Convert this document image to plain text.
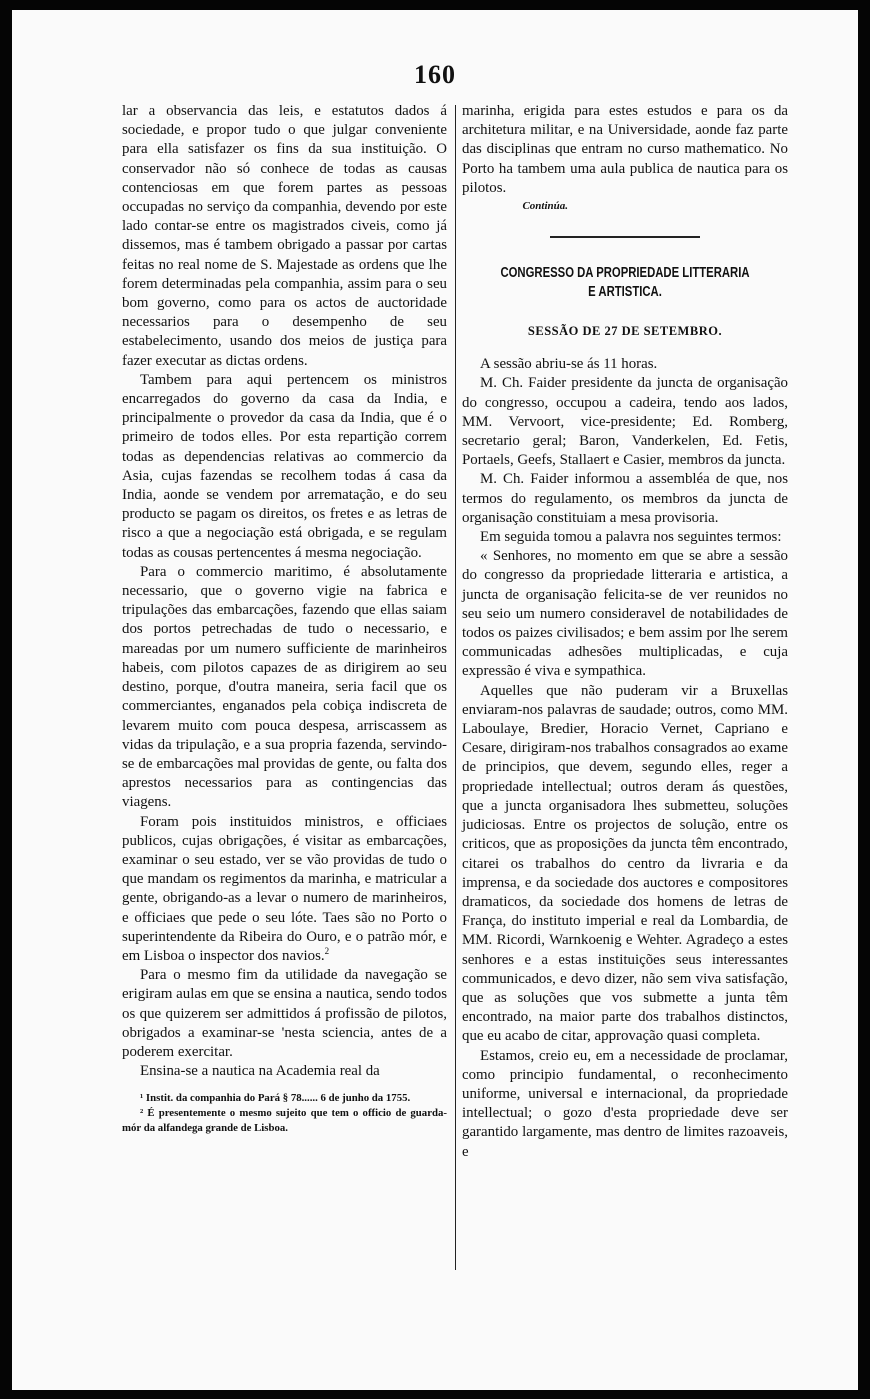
160

lar a observancia das leis, e estatutos dados á sociedade, e propor tudo o que julgar conveniente para ella satisfazer os fins da sua instituição. O conservador não só conhece de todas as causas contenciosas em que forem partes as pessoas occupadas no serviço da companhia, devendo por este lado contar-se entre os magistrados civeis, como já dissemos, mas é tambem obrigado a passar por cartas feitas no real nome de S. Majestade as ordens que lhe forem determinadas pela companhia, assim para o seu bom governo, como para os actos de auctoridade necessarios para o desempenho de seu estabelecimento, usando dos meios de justiça para fazer executar as dictas ordens.

Tambem para aqui pertencem os ministros encarregados do governo da casa da India, e principalmente o provedor da casa da India, que é o primeiro de todos elles. Por esta repartição correm todas as dependencias relativas ao commercio da Asia, cujas fazendas se recolhem todas á casa da India, aonde se vendem por arrematação, e do seu producto se pagam os direitos, os fretes e as letras de risco a que a negociação está obrigada, e se regulam todas as cousas pertencentes á mesma negociação.

Para o commercio maritimo, é absolutamente necessario, que o governo vigie na fabrica e tripulações das embarcações, fazendo que ellas saiam dos portos petrechadas de tudo o necessario, e mareadas por um numero sufficiente de marinheiros habeis, com pilotos capazes de as dirigirem ao seu destino, porque, d'outra maneira, seria facil que os commerciantes, enganados pela cobiça indiscreta de levarem muito com pouca despesa, arriscassem as vidas da tripulação, e a sua propria fazenda, servindo-se de embarcações mal providas de gente, ou falta dos aprestos necessarios para as contingencias das viagens.

Foram pois instituidos ministros, e officiaes publicos, cujas obrigações, é visitar as embarcações, examinar o seu estado, ver se vão providas de tudo o que mandam os regimentos da marinha, e matricular a gente, obrigando-as a levar o numero de marinheiros, e officiaes que pede o seu lóte. Taes são no Porto o superintendente da Ribeira do Ouro, e o patrão mór, e em Lisboa o inspector dos navios.$^2$

Para o mesmo fim da utilidade da navegação se erigiram aulas em que se ensina a nautica, sendo todos os que quizerem ser admittidos á profissão de pilotos, obrigados a examinar-se 'nesta sciencia, antes de a poderem exercitar.

Ensina-se a nautica na Academia real da

¹ Instit. da companhia do Pará § 78...... 6 de junho da 1755.

² É presentemente o mesmo sujeito que tem o officio de guarda-mór da alfandega grande de Lisboa.

marinha, erigida para estes estudos e para os da architetura militar, e na Universidade, aonde faz parte das disciplinas que entram no curso mathematico. No Porto ha tambem uma aula publica de nautica para os pilotos.

Continúa.
CONGRESSO DA PROPRIEDADE LITTERARIA
E ARTISTICA.
SESSÃO DE 27 DE SETEMBRO.

A sessão abriu-se ás 11 horas.

M. Ch. Faider presidente da juncta de organisação do congresso, occupou a cadeira, tendo aos lados, MM. Vervoort, vice-presidente; Ed. Romberg, secretario geral; Baron, Vanderkelen, Ed. Fetis, Portaels, Geefs, Stallaert e Casier, membros da juncta.

M. Ch. Faider informou a assembléa de que, nos termos do regulamento, os membros da juncta de organisação constituiam a mesa provisoria.

Em seguida tomou a palavra nos seguintes termos:

« Senhores, no momento em que se abre a sessão do congresso da propriedade litteraria e artistica, a juncta de organisação felicita-se de ver reunidos no seu seio um numero consideravel de notabilidades de todos os paizes civilisados; e bem assim por lhe serem communicadas adhesões multiplicadas, e cuja expressão é viva e sympathica.

Aquelles que não puderam vir a Bruxellas enviaram-nos palavras de saudade; outros, como MM. Laboulaye, Bredier, Horacio Vernet, Capriano e Cesare, dirigiram-nos trabalhos consagrados ao exame de principios, que devem, segundo elles, reger a propriedade intellectual; outros deram ás questões, que a juncta organisadora lhes submetteu, soluções judiciosas. Entre os projectos de solução, entre os criticos, que as proposições da juncta têm encontrado, citarei os trabalhos do centro da livraria e da imprensa, e da sociedade dos auctores e compositores dramaticos, da sociedade dos homens de letras de França, do instituto imperial e real da Lombardia, de MM. Ricordi, Warnkoenig e Wehter. Agradeço a estes senhores e a estas instituições seus interessantes communicados, e devo dizer, não sem viva satisfação, que as soluções que vos submette a junta têm encontrado, na maior parte dos trabalhos distinctos, que eu acabo de citar, approvação quasi completa.

Estamos, creio eu, em a necessidade de proclamar, como principio fundamental, o reconhecimento uniforme, universal e internacional, da propriedade intellectual; o gozo d'esta propriedade deve ser garantido largamente, mas dentro de limites razoaveis, e
